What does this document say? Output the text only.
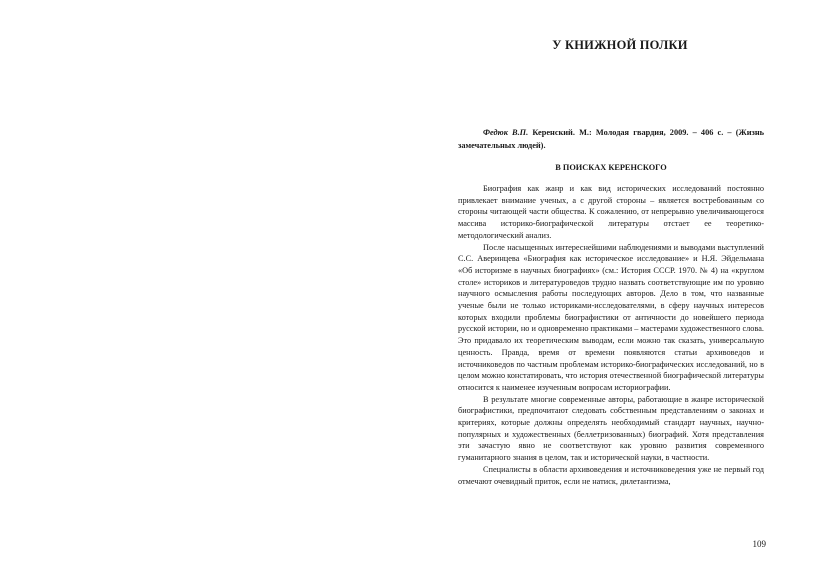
У КНИЖНОЙ ПОЛКИ

Федюк В.П. Керенский. М.: Молодая гвардия, 2009. – 406 с. – (Жизнь замечательных людей).

В ПОИСКАХ КЕРЕНСКОГО

Биография как жанр и как вид исторических исследований постоянно привлекает внимание ученых, а с другой стороны – является востребованным со стороны читающей части общества. К сожалению, от непрерывно увеличивающегося массива историко-биографической литературы отстает ее теоретико-методологический анализ.

После насыщенных интереснейшими наблюдениями и выводами выступлений С.С. Аверинцева «Биография как историческое исследование» и Н.Я. Эйдельмана «Об историзме в научных биографиях» (см.: История СССР. 1970. № 4) на «круглом столе» историков и литературоведов трудно назвать соответствующие им по уровню научного осмысления работы последующих авторов. Дело в том, что названные ученые были не только историками-исследователями, в сферу научных интересов которых входили проблемы биографистики от античности до новейшего периода русской истории, но и одновременно практиками – мастерами художественного слова. Это придавало их теоретическим выводам, если можно так сказать, универсальную ценность. Правда, время от времени появляются статьи архивоведов и источниковедов по частным проблемам историко-биографических исследований, но в целом можно констатировать, что история отечественной биографической литературы относится к наименее изученным вопросам историографии.

В результате многие современные авторы, работающие в жанре исторической биографистики, предпочитают следовать собственным представлениям о законах и критериях, которые должны определять необходимый стандарт научных, научно-популярных и художественных (беллетризованных) биографий. Хотя представления эти зачастую явно не соответствуют как уровню развития современного гуманитарного знания в целом, так и исторической науки, в частности.

Специалисты в области архивоведения и источниковедения уже не первый год отмечают очевидный приток, если не натиск, дилетантизма,

109
